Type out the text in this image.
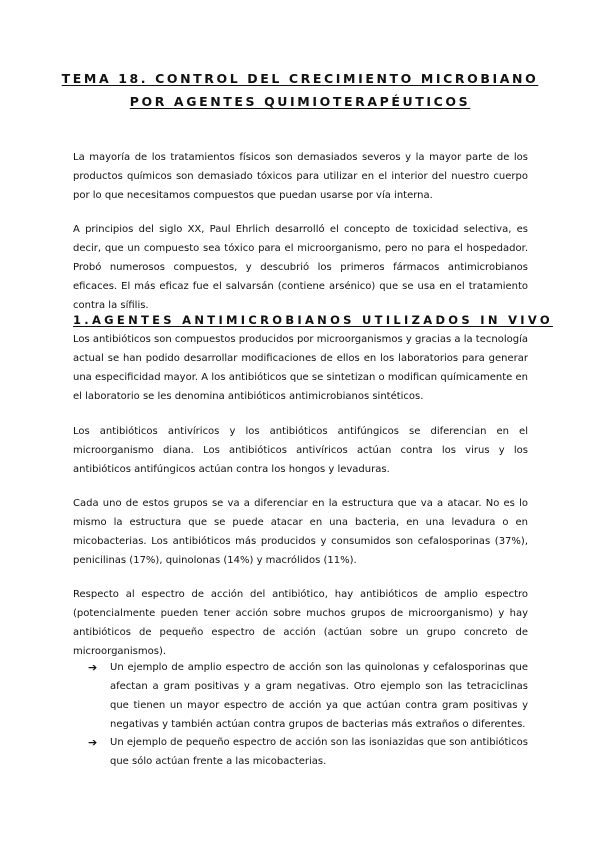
TEMA 18. CONTROL DEL CRECIMIENTO MICROBIANO
POR AGENTES QUIMIOTERAPÉUTICOS

La mayoría de los tratamientos físicos son demasiados severos y la mayor parte de los productos químicos son demasiado tóxicos para utilizar en el interior del nuestro cuerpo por lo que necesitamos compuestos que puedan usarse por vía interna.

A principios del siglo XX, Paul Ehrlich desarrolló el concepto de toxicidad selectiva, es decir, que un compuesto sea tóxico para el microorganismo, pero no para el hospedador. Probó numerosos compuestos, y descubrió los primeros fármacos antimicrobianos eficaces. El más eficaz fue el salvarsán (contiene arsénico) que se usa en el tratamiento contra la sífilis.

1.AGENTES ANTIMICROBIANOS UTILIZADOS IN VIVO

Los antibióticos son compuestos producidos por microorganismos y gracias a la tecnología actual se han podido desarrollar modificaciones de ellos en los laboratorios para generar una especificidad mayor. A los antibióticos que se sintetizan o modifican químicamente en el laboratorio se les denomina antibióticos antimicrobianos sintéticos.

Los antibióticos antivíricos y los antibióticos antifúngicos se diferencian en el microorganismo diana. Los antibióticos antivíricos actúan contra los virus y los antibióticos antifúngicos actúan contra los hongos y levaduras.

Cada uno de estos grupos se va a diferenciar en la estructura que va a atacar. No es lo mismo la estructura que se puede atacar en una bacteria, en una levadura o en micobacterias. Los antibióticos más producidos y consumidos son cefalosporinas (37%), penicilinas (17%), quinolonas (14%) y macrólidos (11%).

Respecto al espectro de acción del antibiótico, hay antibióticos de amplio espectro (potencialmente pueden tener acción sobre muchos grupos de microorganismo) y hay antibióticos de pequeño espectro de acción (actúan sobre un grupo concreto de microorganismos).

➔ Un ejemplo de amplio espectro de acción son las quinolonas y cefalosporinas que afectan a gram positivas y a gram negativas. Otro ejemplo son las tetraciclinas que tienen un mayor espectro de acción ya que actúan contra gram positivas y negativas y también actúan contra grupos de bacterias más extraños o diferentes.
➔ Un ejemplo de pequeño espectro de acción son las isoniazidas que son antibióticos que sólo actúan frente a las micobacterias.
